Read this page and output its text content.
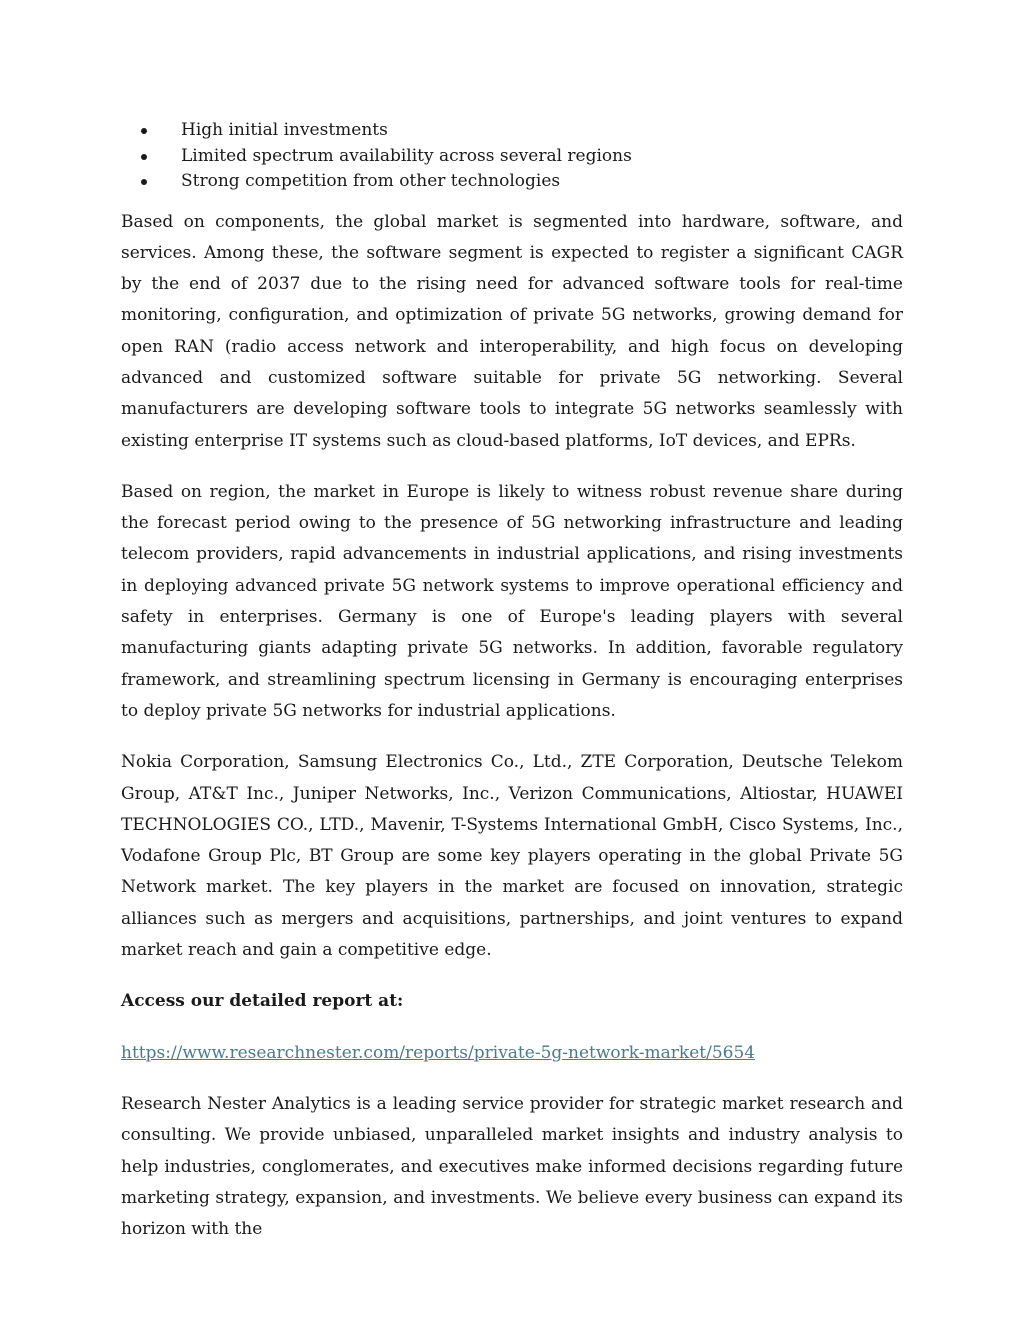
High initial investments
Limited spectrum availability across several regions
Strong competition from other technologies

Based on components, the global market is segmented into hardware, software, and services. Among these, the software segment is expected to register a significant CAGR by the end of 2037 due to the rising need for advanced software tools for real-time monitoring, configuration, and optimization of private 5G networks, growing demand for open RAN (radio access network and interoperability, and high focus on developing advanced and customized software suitable for private 5G networking. Several manufacturers are developing software tools to integrate 5G networks seamlessly with existing enterprise IT systems such as cloud-based platforms, IoT devices, and EPRs.

Based on region, the market in Europe is likely to witness robust revenue share during the forecast period owing to the presence of 5G networking infrastructure and leading telecom providers, rapid advancements in industrial applications, and rising investments in deploying advanced private 5G network systems to improve operational efficiency and safety in enterprises. Germany is one of Europe's leading players with several manufacturing giants adapting private 5G networks. In addition, favorable regulatory framework, and streamlining spectrum licensing in Germany is encouraging enterprises to deploy private 5G networks for industrial applications.

Nokia Corporation, Samsung Electronics Co., Ltd., ZTE Corporation, Deutsche Telekom Group, AT&T Inc., Juniper Networks, Inc., Verizon Communications, Altiostar, HUAWEI TECHNOLOGIES CO., LTD., Mavenir, T-Systems International GmbH, Cisco Systems, Inc., Vodafone Group Plc, BT Group are some key players operating in the global Private 5G Network market. The key players in the market are focused on innovation, strategic alliances such as mergers and acquisitions, partnerships, and joint ventures to expand market reach and gain a competitive edge.

Access our detailed report at:

https://www.researchnester.com/reports/private-5g-network-market/5654

Research Nester Analytics is a leading service provider for strategic market research and consulting. We provide unbiased, unparalleled market insights and industry analysis to help industries, conglomerates, and executives make informed decisions regarding future marketing strategy, expansion, and investments. We believe every business can expand its horizon with the
